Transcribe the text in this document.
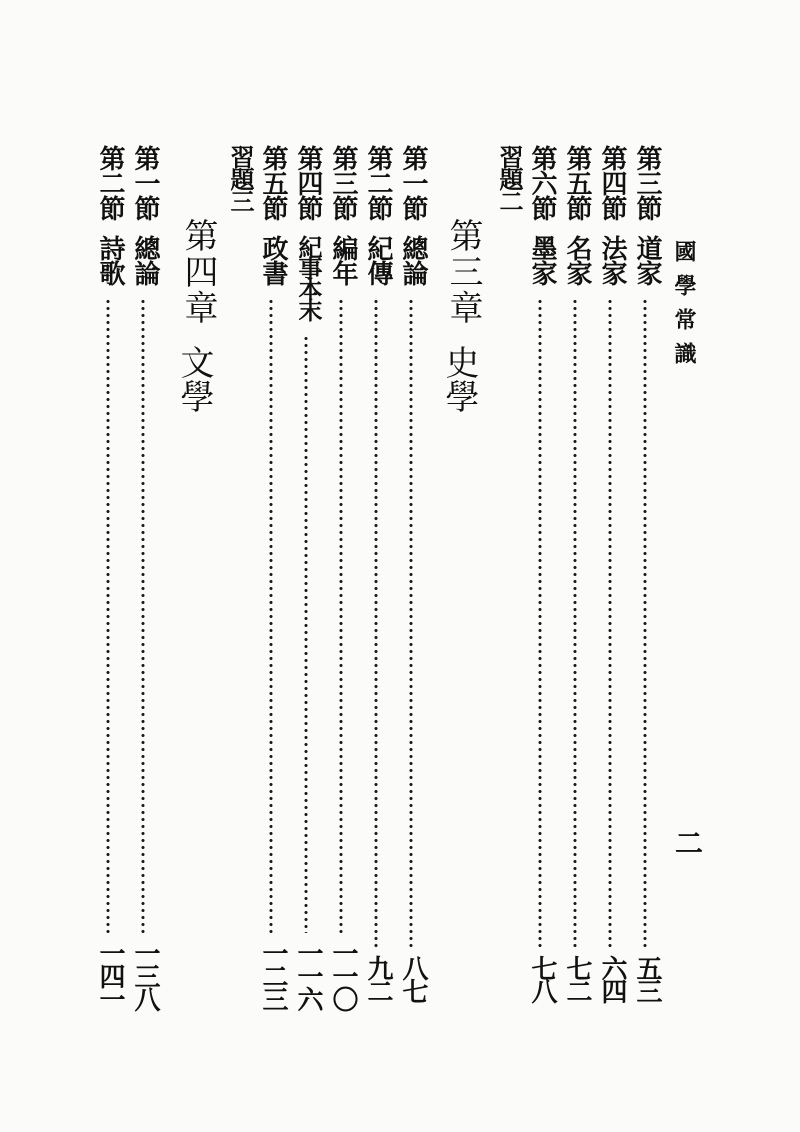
國學常識
二
第三節
道家
五三
第四節
法家
六四
第五節
名家
七二
第六節
墨家
七八
習題二
第三章
史學
第一節
總論
八七
第二節
紀傳
九二
第三節
編年
一一〇
第四節
紀事本末
一一六
第五節
政書
一二三
習題三
第四章
文學
第一節
總論
一三八
第二節
詩歌
一四一
